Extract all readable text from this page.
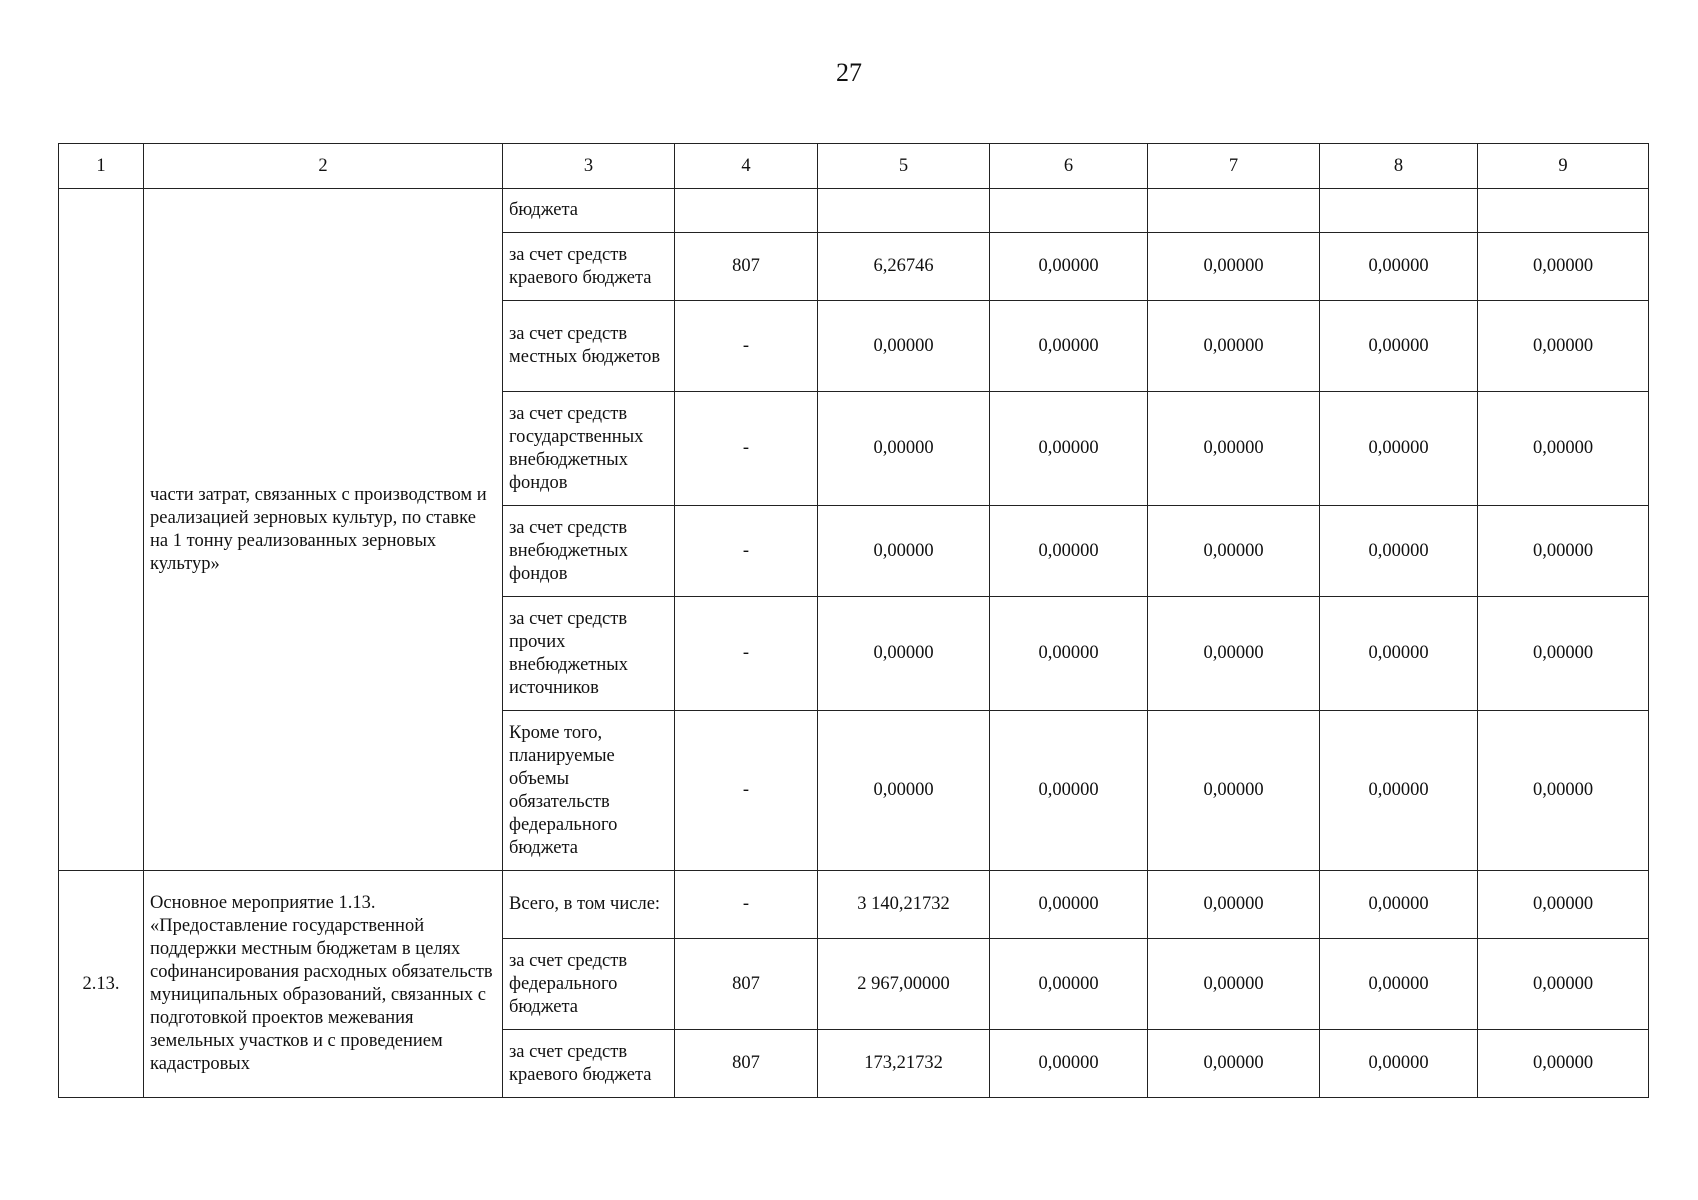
27
1	2	3	4	5	6	7	8	9
	части затрат, связанных с производством и реализацией зерновых культур, по ставке на 1 тонну реализованных зерновых культур»	бюджета						
		за счет средств краевого бюджета	807	6,26746	0,00000	0,00000	0,00000	0,00000
		за счет средств местных бюджетов	-	0,00000	0,00000	0,00000	0,00000	0,00000
		за счет средств государственных внебюджетных фондов	-	0,00000	0,00000	0,00000	0,00000	0,00000
		за счет средств внебюджетных фондов	-	0,00000	0,00000	0,00000	0,00000	0,00000
		за счет средств прочих внебюджетных источников	-	0,00000	0,00000	0,00000	0,00000	0,00000
		Кроме того, планируемые объемы обязательств федерального бюджета	-	0,00000	0,00000	0,00000	0,00000	0,00000
2.13.	Основное мероприятие 1.13. «Предоставление государственной поддержки местным бюджетам в целях софинансирования расходных обязательств муниципальных образований, связанных с подготовкой проектов межевания земельных участков и с проведением кадастровых	Всего, в том числе:	-	3 140,21732	0,00000	0,00000	0,00000	0,00000
		за счет средств федерального бюджета	807	2 967,00000	0,00000	0,00000	0,00000	0,00000
		за счет средств краевого бюджета	807	173,21732	0,00000	0,00000	0,00000	0,00000
